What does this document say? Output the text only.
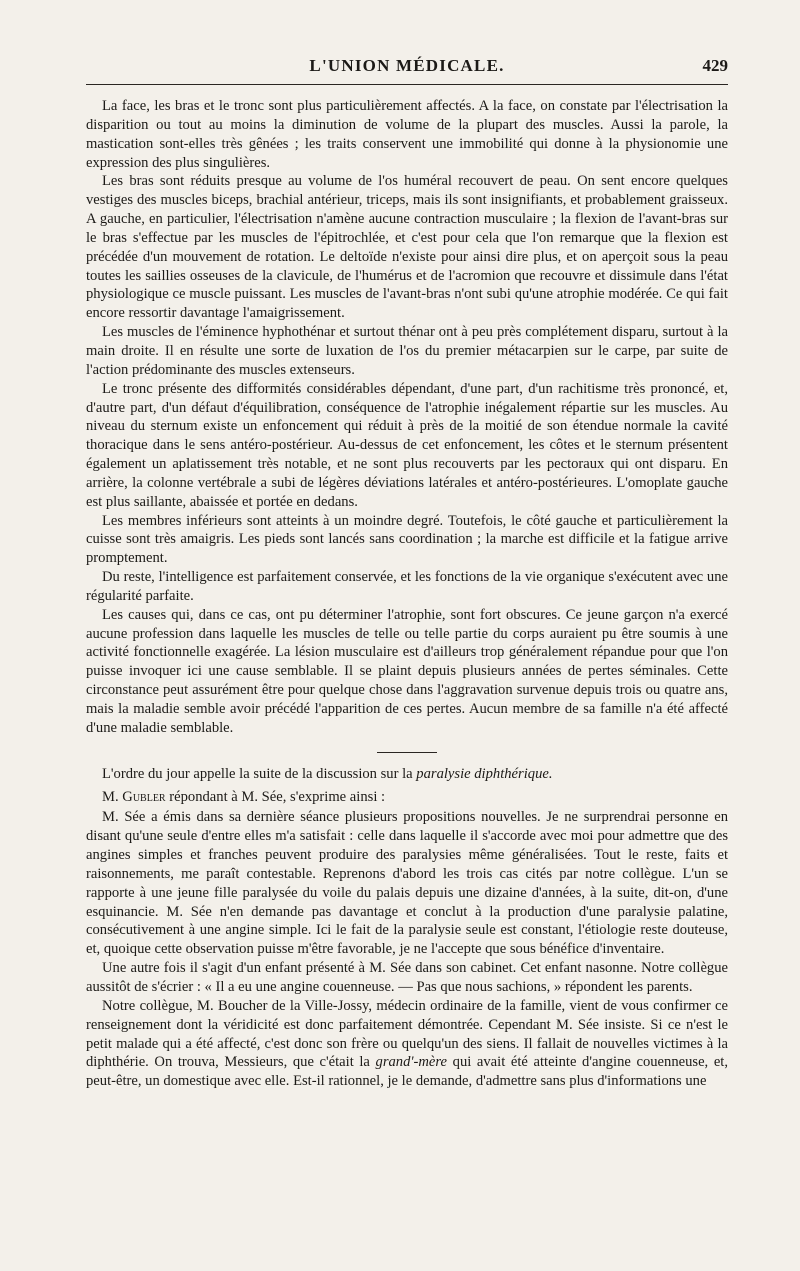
L'UNION MÉDICALE.	429

La face, les bras et le tronc sont plus particulièrement affectés. A la face, on constate par l'électrisation la disparition ou tout au moins la diminution de volume de la plupart des muscles. Aussi la parole, la mastication sont-elles très gênées ; les traits conservent une immobilité qui donne à la physionomie une expression des plus singulières.

Les bras sont réduits presque au volume de l'os huméral recouvert de peau. On sent encore quelques vestiges des muscles biceps, brachial antérieur, triceps, mais ils sont insignifiants, et probablement graisseux. A gauche, en particulier, l'électrisation n'amène aucune contraction musculaire ; la flexion de l'avant-bras sur le bras s'effectue par les muscles de l'épitrochlée, et c'est pour cela que l'on remarque que la flexion est précédée d'un mouvement de rotation. Le deltoïde n'existe pour ainsi dire plus, et on aperçoit sous la peau toutes les saillies osseuses de la clavicule, de l'humérus et de l'acromion que recouvre et dissimule dans l'état physiologique ce muscle puissant. Les muscles de l'avant-bras n'ont subi qu'une atrophie modérée. Ce qui fait encore ressortir davantage l'amaigrissement.

Les muscles de l'éminence hyphothénar et surtout thénar ont à peu près complétement disparu, surtout à la main droite. Il en résulte une sorte de luxation de l'os du premier métacarpien sur le carpe, par suite de l'action prédominante des muscles extenseurs.

Le tronc présente des difformités considérables dépendant, d'une part, d'un rachitisme très prononcé, et, d'autre part, d'un défaut d'équilibration, conséquence de l'atrophie inégalement répartie sur les muscles. Au niveau du sternum existe un enfoncement qui réduit à près de la moitié de son étendue normale la cavité thoracique dans le sens antéro-postérieur. Au-dessus de cet enfoncement, les côtes et le sternum présentent également un aplatissement très notable, et ne sont plus recouverts par les pectoraux qui ont disparu. En arrière, la colonne vertébrale a subi de légères déviations latérales et antéro-postérieures. L'omoplate gauche est plus saillante, abaissée et portée en dedans.

Les membres inférieurs sont atteints à un moindre degré. Toutefois, le côté gauche et particulièrement la cuisse sont très amaigris. Les pieds sont lancés sans coordination ; la marche est difficile et la fatigue arrive promptement.

Du reste, l'intelligence est parfaitement conservée, et les fonctions de la vie organique s'exécutent avec une régularité parfaite.

Les causes qui, dans ce cas, ont pu déterminer l'atrophie, sont fort obscures. Ce jeune garçon n'a exercé aucune profession dans laquelle les muscles de telle ou telle partie du corps auraient pu être soumis à une activité fonctionnelle exagérée. La lésion musculaire est d'ailleurs trop généralement répandue pour que l'on puisse invoquer ici une cause semblable. Il se plaint depuis plusieurs années de pertes séminales. Cette circonstance peut assurément être pour quelque chose dans l'aggravation survenue depuis trois ou quatre ans, mais la maladie semble avoir précédé l'apparition de ces pertes. Aucun membre de sa famille n'a été affecté d'une maladie semblable.

L'ordre du jour appelle la suite de la discussion sur la paralysie diphthérique.

M. Gubler répondant à M. Sée, s'exprime ainsi :

M. Sée a émis dans sa dernière séance plusieurs propositions nouvelles. Je ne surprendrai personne en disant qu'une seule d'entre elles m'a satisfait : celle dans laquelle il s'accorde avec moi pour admettre que des angines simples et franches peuvent produire des paralysies même généralisées. Tout le reste, faits et raisonnements, me paraît contestable. Reprenons d'abord les trois cas cités par notre collègue. L'un se rapporte à une jeune fille paralysée du voile du palais depuis une dizaine d'années, à la suite, dit-on, d'une esquinancie. M. Sée n'en demande pas davantage et conclut à la production d'une paralysie palatine, consécutivement à une angine simple. Ici le fait de la paralysie seule est constant, l'étiologie reste douteuse, et, quoique cette observation puisse m'être favorable, je ne l'accepte que sous bénéfice d'inventaire.

Une autre fois il s'agit d'un enfant présenté à M. Sée dans son cabinet. Cet enfant nasonne. Notre collègue aussitôt de s'écrier : « Il a eu une angine couenneuse. — Pas que nous sachions, » répondent les parents.

Notre collègue, M. Boucher de la Ville-Jossy, médecin ordinaire de la famille, vient de vous confirmer ce renseignement dont la véridicité est donc parfaitement démontrée. Cependant M. Sée insiste. Si ce n'est le petit malade qui a été affecté, c'est donc son frère ou quelqu'un des siens. Il fallait de nouvelles victimes à la diphthérie. On trouva, Messieurs, que c'était la grand'-mère qui avait été atteinte d'angine couenneuse, et, peut-être, un domestique avec elle. Est-il rationnel, je le demande, d'admettre sans plus d'informations une
